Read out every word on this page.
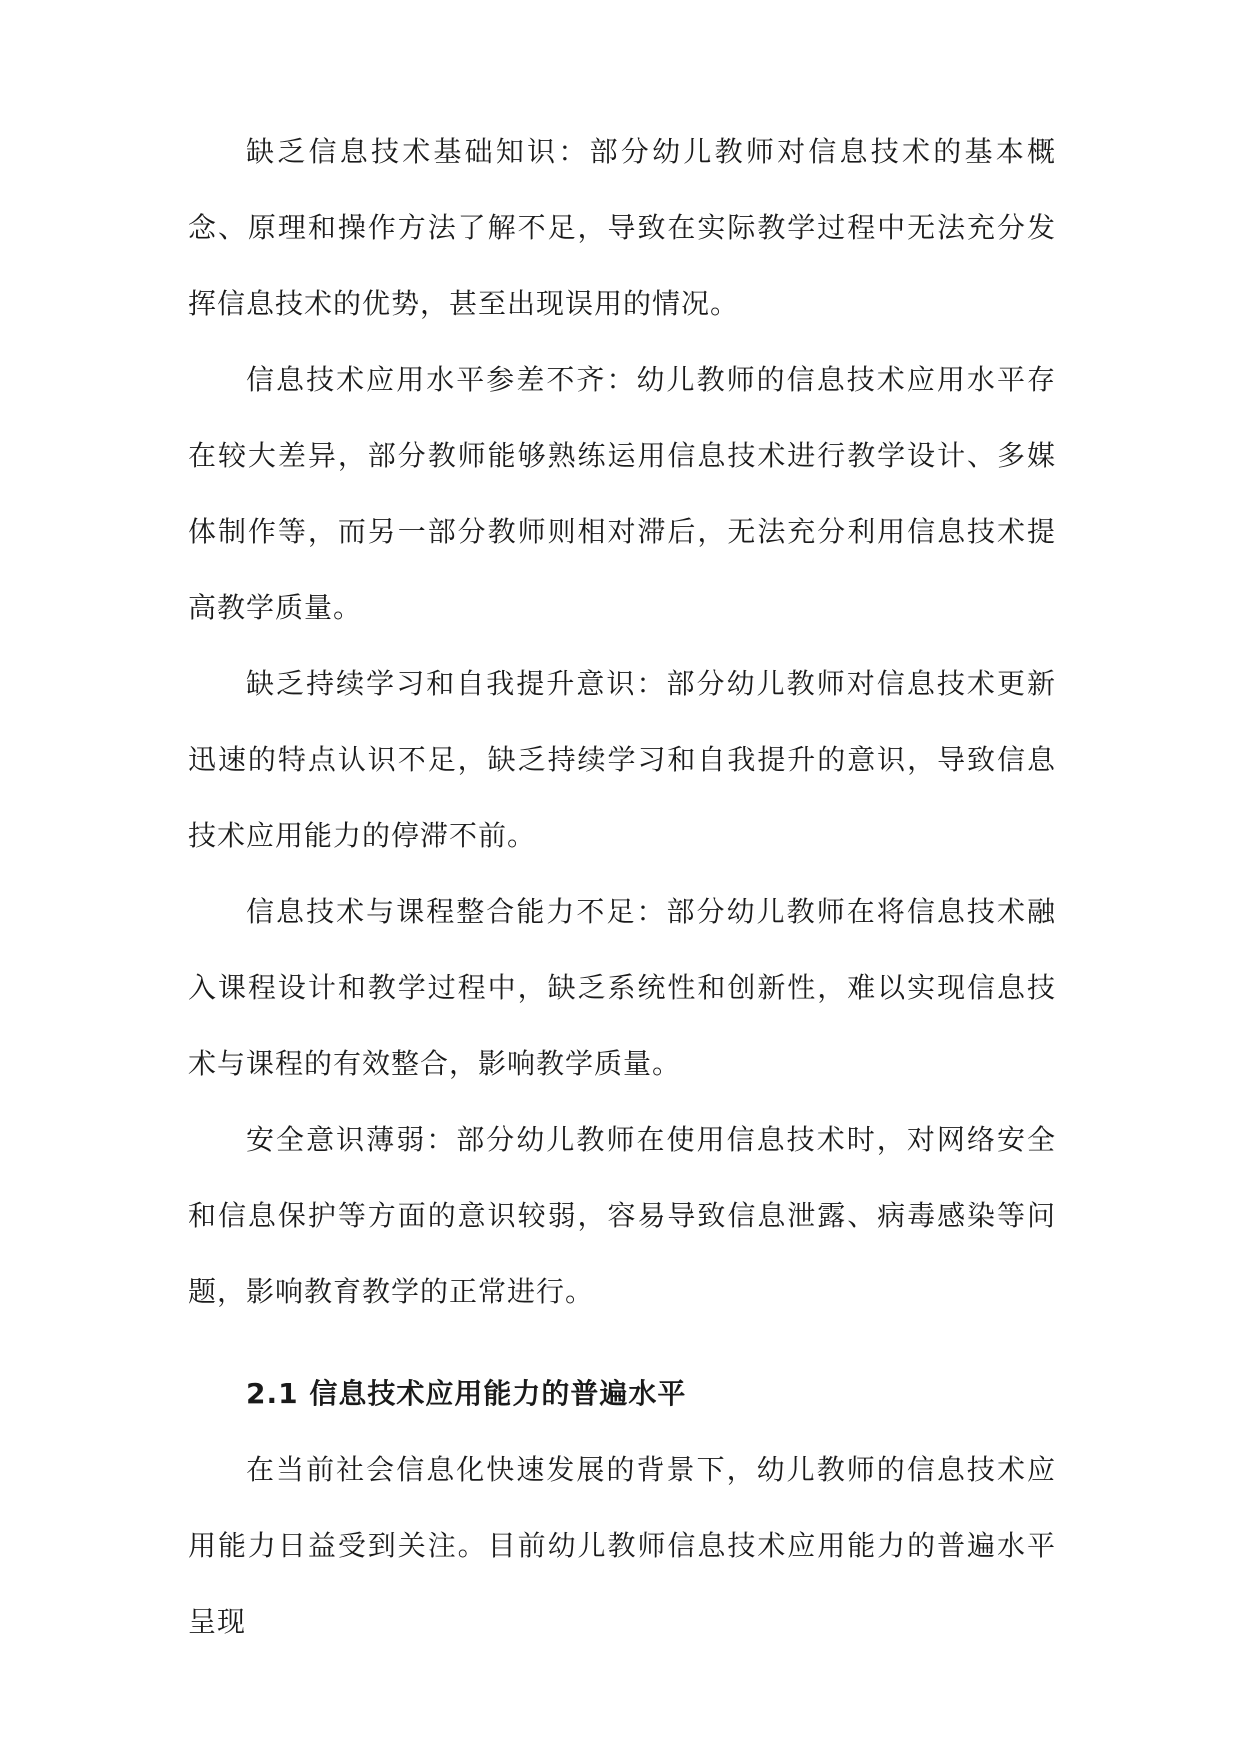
缺乏信息技术基础知识：部分幼儿教师对信息技术的基本概念、原理和操作方法了解不足，导致在实际教学过程中无法充分发挥信息技术的优势，甚至出现误用的情况。

信息技术应用水平参差不齐：幼儿教师的信息技术应用水平存在较大差异，部分教师能够熟练运用信息技术进行教学设计、多媒体制作等，而另一部分教师则相对滞后，无法充分利用信息技术提高教学质量。

缺乏持续学习和自我提升意识：部分幼儿教师对信息技术更新迅速的特点认识不足，缺乏持续学习和自我提升的意识，导致信息技术应用能力的停滞不前。

信息技术与课程整合能力不足：部分幼儿教师在将信息技术融入课程设计和教学过程中，缺乏系统性和创新性，难以实现信息技术与课程的有效整合，影响教学质量。

安全意识薄弱：部分幼儿教师在使用信息技术时，对网络安全和信息保护等方面的意识较弱，容易导致信息泄露、病毒感染等问题，影响教育教学的正常进行。

2.1 信息技术应用能力的普遍水平

在当前社会信息化快速发展的背景下，幼儿教师的信息技术应用能力日益受到关注。目前幼儿教师信息技术应用能力的普遍水平呈现
